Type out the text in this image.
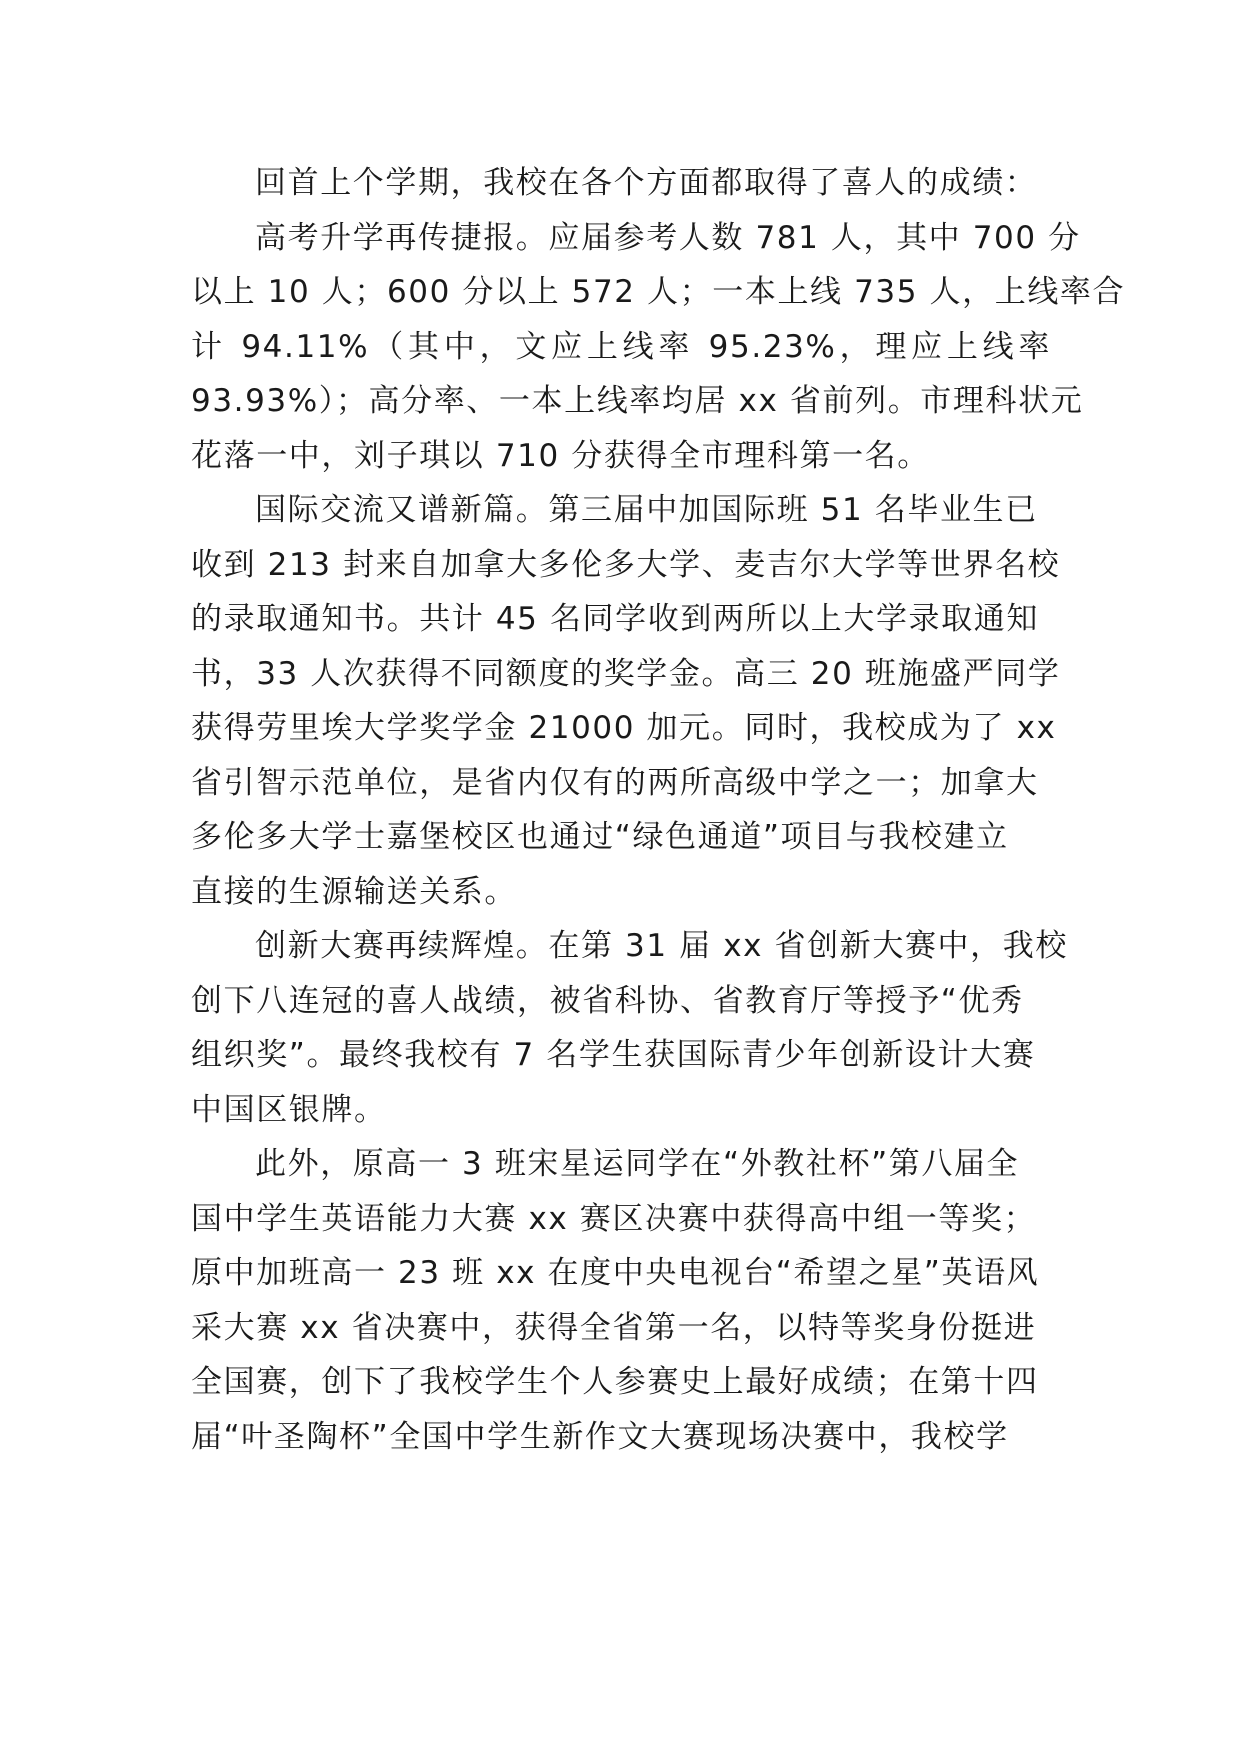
回首上个学期，我校在各个方面都取得了喜人的成绩：
高考升学再传捷报。应届参考人数 781 人，其中 700 分
以上 10 人；600 分以上 572 人；一本上线 735 人，上线率合
计 94.11%（其中，文应上线率 95.23%，理应上线率
93.93%）；高分率、一本上线率均居 xx 省前列。市理科状元
花落一中，刘子琪以 710 分获得全市理科第一名。
国际交流又谱新篇。第三届中加国际班 51 名毕业生已
收到 213 封来自加拿大多伦多大学、麦吉尔大学等世界名校
的录取通知书。共计 45 名同学收到两所以上大学录取通知
书，33 人次获得不同额度的奖学金。高三 20 班施盛严同学
获得劳里埃大学奖学金 21000 加元。同时，我校成为了 xx
省引智示范单位，是省内仅有的两所高级中学之一；加拿大
多伦多大学士嘉堡校区也通过“绿色通道”项目与我校建立
直接的生源输送关系。
创新大赛再续辉煌。在第 31 届 xx 省创新大赛中，我校
创下八连冠的喜人战绩，被省科协、省教育厅等授予“优秀
组织奖”。最终我校有 7 名学生获国际青少年创新设计大赛
中国区银牌。
此外，原高一 3 班宋星运同学在“外教社杯”第八届全
国中学生英语能力大赛 xx 赛区决赛中获得高中组一等奖；
原中加班高一 23 班 xx 在度中央电视台“希望之星”英语风
采大赛 xx 省决赛中，获得全省第一名，以特等奖身份挺进
全国赛，创下了我校学生个人参赛史上最好成绩；在第十四
届“叶圣陶杯”全国中学生新作文大赛现场决赛中，我校学
